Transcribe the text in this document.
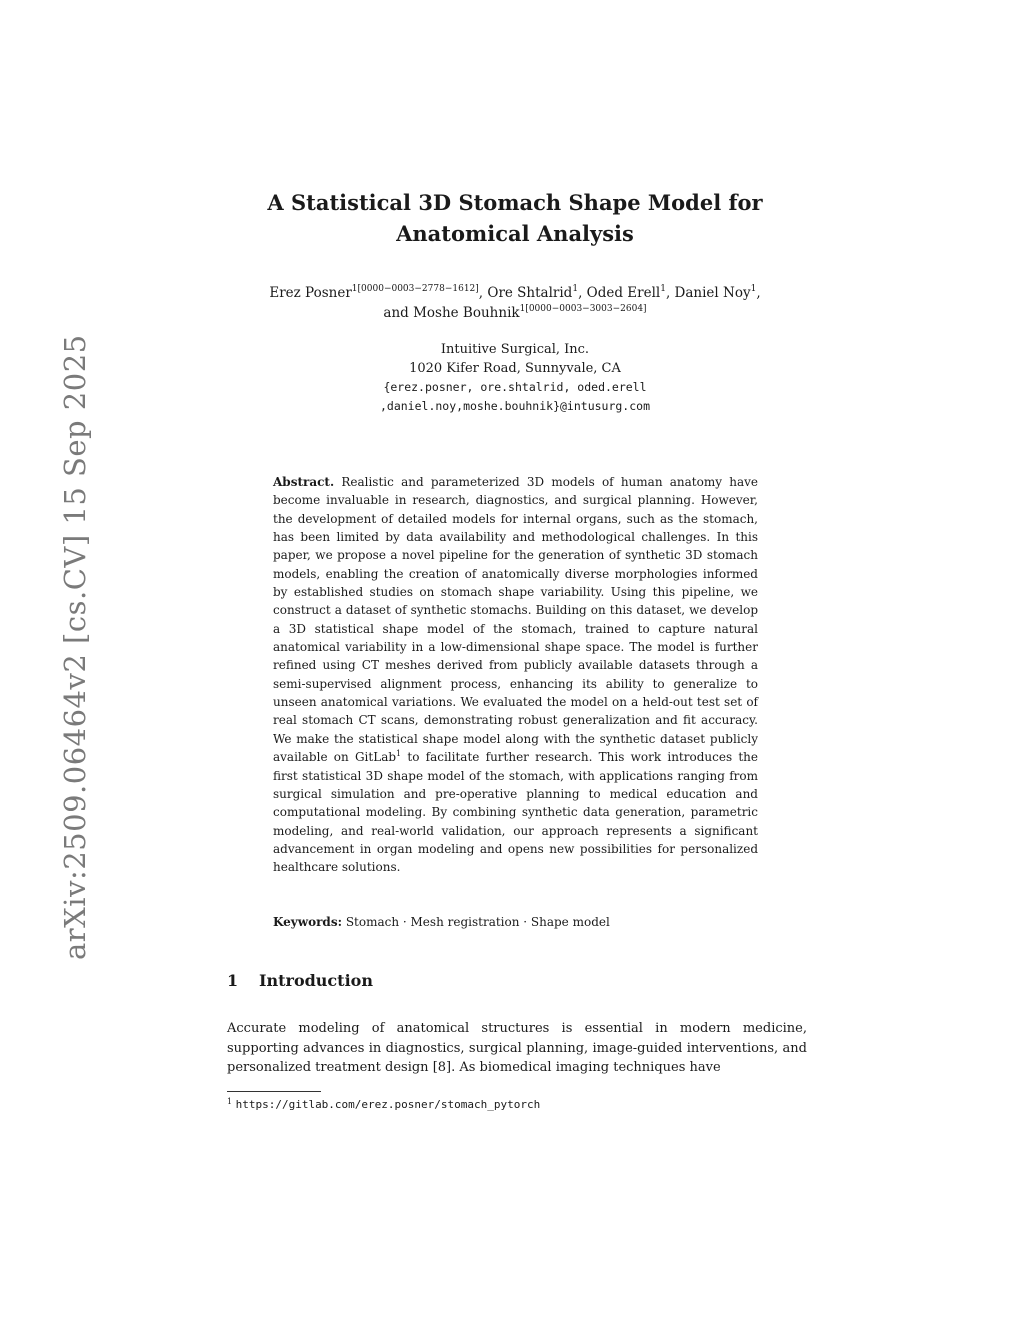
arXiv:2509.06464v2 [cs.CV] 15 Sep 2025
A Statistical 3D Stomach Shape Model for
Anatomical Analysis
Erez Posner$^{1[0000-0003-2778-1612]}$, Ore Shtalrid$^1$, Oded Erell$^1$, Daniel Noy$^1$,
and Moshe Bouhnik$^{1[0000-0003-3003-2604]}$
Intuitive Surgical, Inc.
1020 Kifer Road, Sunnyvale, CA
{erez.posner, ore.shtalrid, oded.erell
,daniel.noy,moshe.bouhnik}@intusurg.com
Abstract. Realistic and parameterized 3D models of human anatomy have become invaluable in research, diagnostics, and surgical planning. However, the development of detailed models for internal organs, such as the stomach, has been limited by data availability and methodological challenges. In this paper, we propose a novel pipeline for the generation of synthetic 3D stomach models, enabling the creation of anatomically diverse morphologies informed by established studies on stomach shape variability. Using this pipeline, we construct a dataset of synthetic stomachs. Building on this dataset, we develop a 3D statistical shape model of the stomach, trained to capture natural anatomical variability in a low-dimensional shape space. The model is further refined using CT meshes derived from publicly available datasets through a semi-supervised alignment process, enhancing its ability to generalize to unseen anatomical variations. We evaluated the model on a held-out test set of real stomach CT scans, demonstrating robust generalization and fit accuracy. We make the statistical shape model along with the synthetic dataset publicly available on GitLab$^1$ to facilitate further research. This work introduces the first statistical 3D shape model of the stomach, with applications ranging from surgical simulation and pre-operative planning to medical education and computational modeling. By combining synthetic data generation, parametric modeling, and real-world validation, our approach represents a significant advancement in organ modeling and opens new possibilities for personalized healthcare solutions.
Keywords: Stomach · Mesh registration · Shape model
1 Introduction
Accurate modeling of anatomical structures is essential in modern medicine, supporting advances in diagnostics, surgical planning, image-guided interventions, and personalized treatment design [8]. As biomedical imaging techniques have
$^1$ https://gitlab.com/erez.posner/stomach_pytorch
